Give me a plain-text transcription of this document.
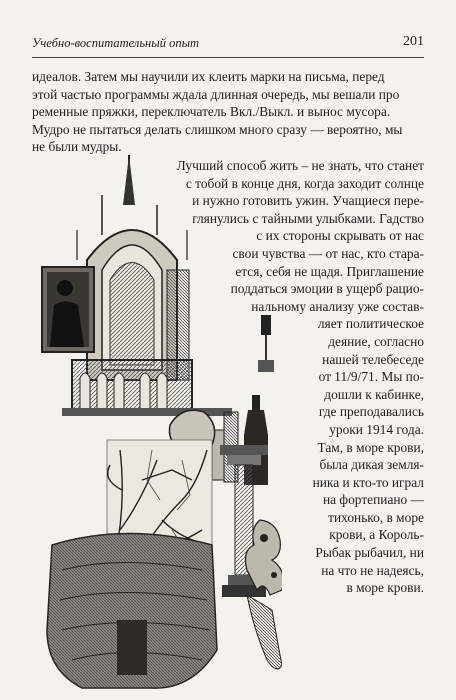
Учебно-воспитательный опыт	201
идеалов. Затем мы научили их клеить марки на письма, перед
этой частью программы ждала длинная очередь, мы вешали про
ременные пряжки, переключатель Вкл./Выкл. и вынос мусора.
Мудро не пытаться делать слишком много сразу — вероятно, мы
не были мудры.
Лучший способ жить – не знать, что станет
с тобой в конце дня, когда заходит солнце
и нужно готовить ужин. Учащиеся пере-
глянулись с тайными улыбками. Гадство
с их стороны скрывать от нас
свои чувства — от нас, кто стара-
ется, себя не щадя. Приглашение
поддаться эмоции в ущерб рацио-
нальному анализу уже состав-
ляет политическое
деяние, согласно
нашей телебеседе
от 11/9/71. Мы по-
дошли к кабинке,
где преподавались
уроки 1914 года.
Там, в море крови,
была дикая земля-
ника и кто-то играл
на фортепиано —
тихонько, в море
крови, а Король-
Рыбак рыбачил, ни
на что не надеясь,
в море крови.
